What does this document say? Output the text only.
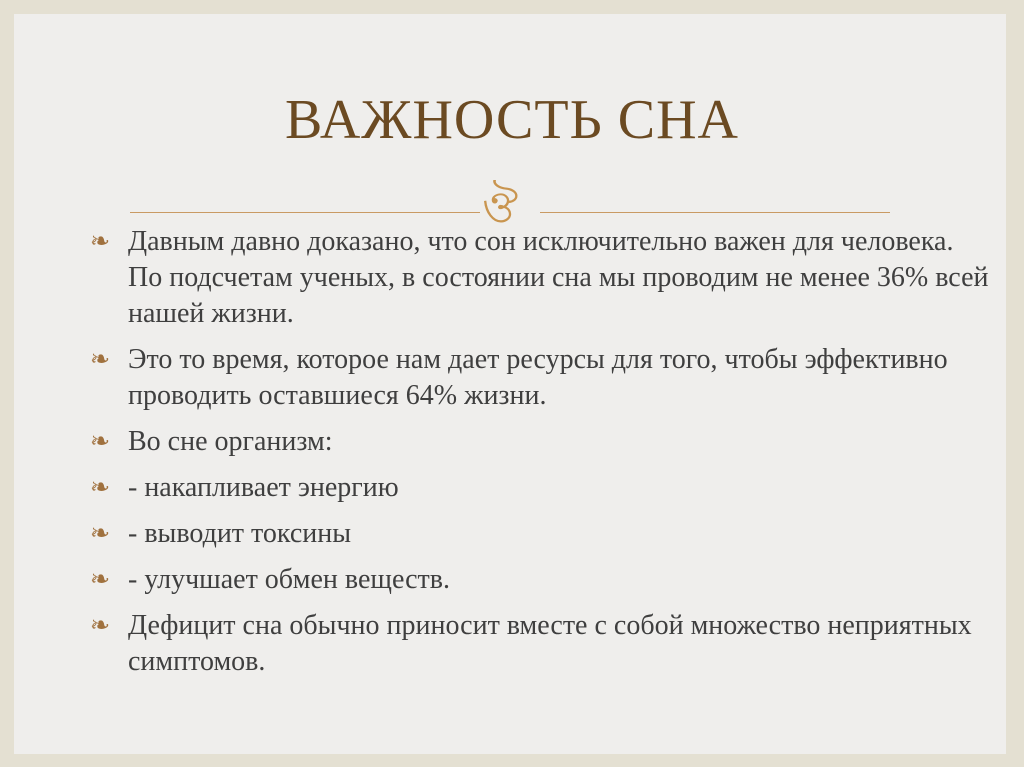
ВАЖНОСТЬ СНА
ঔ
❧ Давным давно доказано, что сон исключительно важен для человека. По подсчетам ученых, в состоянии сна мы проводим не менее 36% всей нашей жизни.
❧ Это то время, которое нам дает ресурсы для того, чтобы эффективно проводить оставшиеся 64% жизни.
❧ Во сне организм:
❧ - накапливает энергию
❧ - выводит токсины
❧ - улучшает обмен веществ.
❧ Дефицит сна обычно приносит вместе с собой множество неприятных симптомов.
